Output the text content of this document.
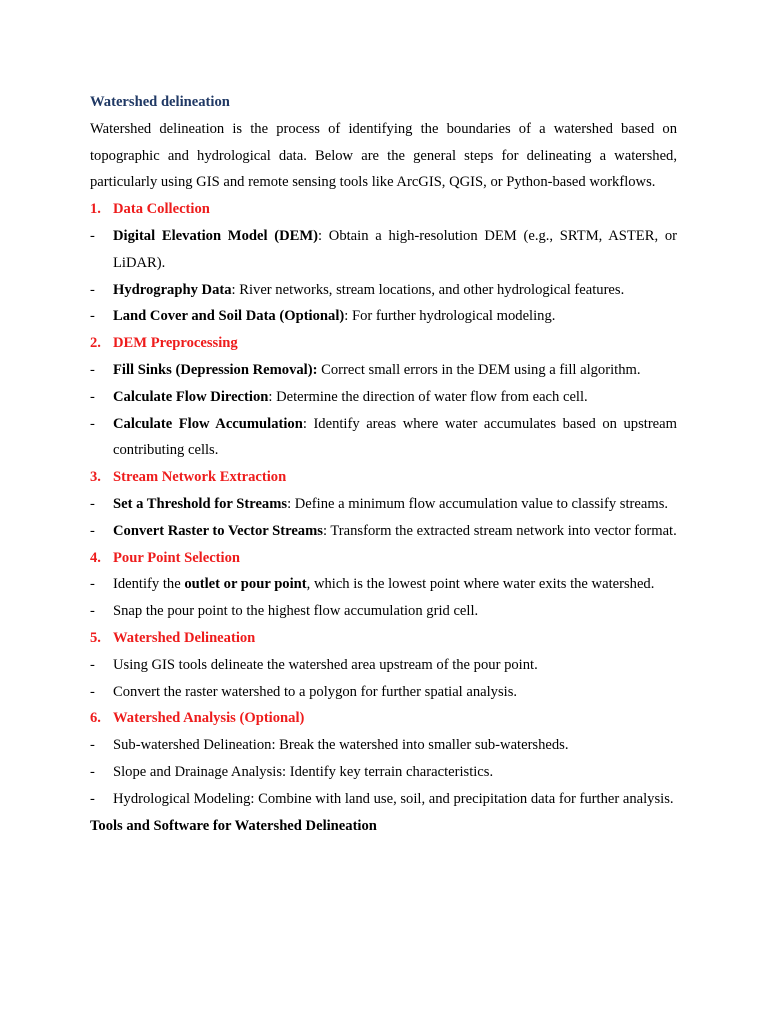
Watershed delineation

Watershed delineation is the process of identifying the boundaries of a watershed based on topographic and hydrological data. Below are the general steps for delineating a watershed, particularly using GIS and remote sensing tools like ArcGIS, QGIS, or Python-based workflows.

1. Data Collection

-	Digital Elevation Model (DEM): Obtain a high-resolution DEM (e.g., SRTM, ASTER, or LiDAR).
-	Hydrography Data: River networks, stream locations, and other hydrological features.
-	Land Cover and Soil Data (Optional): For further hydrological modeling.

2. DEM Preprocessing

-	Fill Sinks (Depression Removal): Correct small errors in the DEM using a fill algorithm.
-	Calculate Flow Direction: Determine the direction of water flow from each cell.
-	Calculate Flow Accumulation: Identify areas where water accumulates based on upstream contributing cells.

3. Stream Network Extraction

-	Set a Threshold for Streams: Define a minimum flow accumulation value to classify streams.
-	Convert Raster to Vector Streams: Transform the extracted stream network into vector format.

4. Pour Point Selection

-	Identify the outlet or pour point, which is the lowest point where water exits the watershed.
-	Snap the pour point to the highest flow accumulation grid cell.

5. Watershed Delineation

-	Using GIS tools delineate the watershed area upstream of the pour point.
-	Convert the raster watershed to a polygon for further spatial analysis.

6. Watershed Analysis (Optional)

-	Sub-watershed Delineation: Break the watershed into smaller sub-watersheds.
-	Slope and Drainage Analysis: Identify key terrain characteristics.
-	Hydrological Modeling: Combine with land use, soil, and precipitation data for further analysis.

Tools and Software for Watershed Delineation
